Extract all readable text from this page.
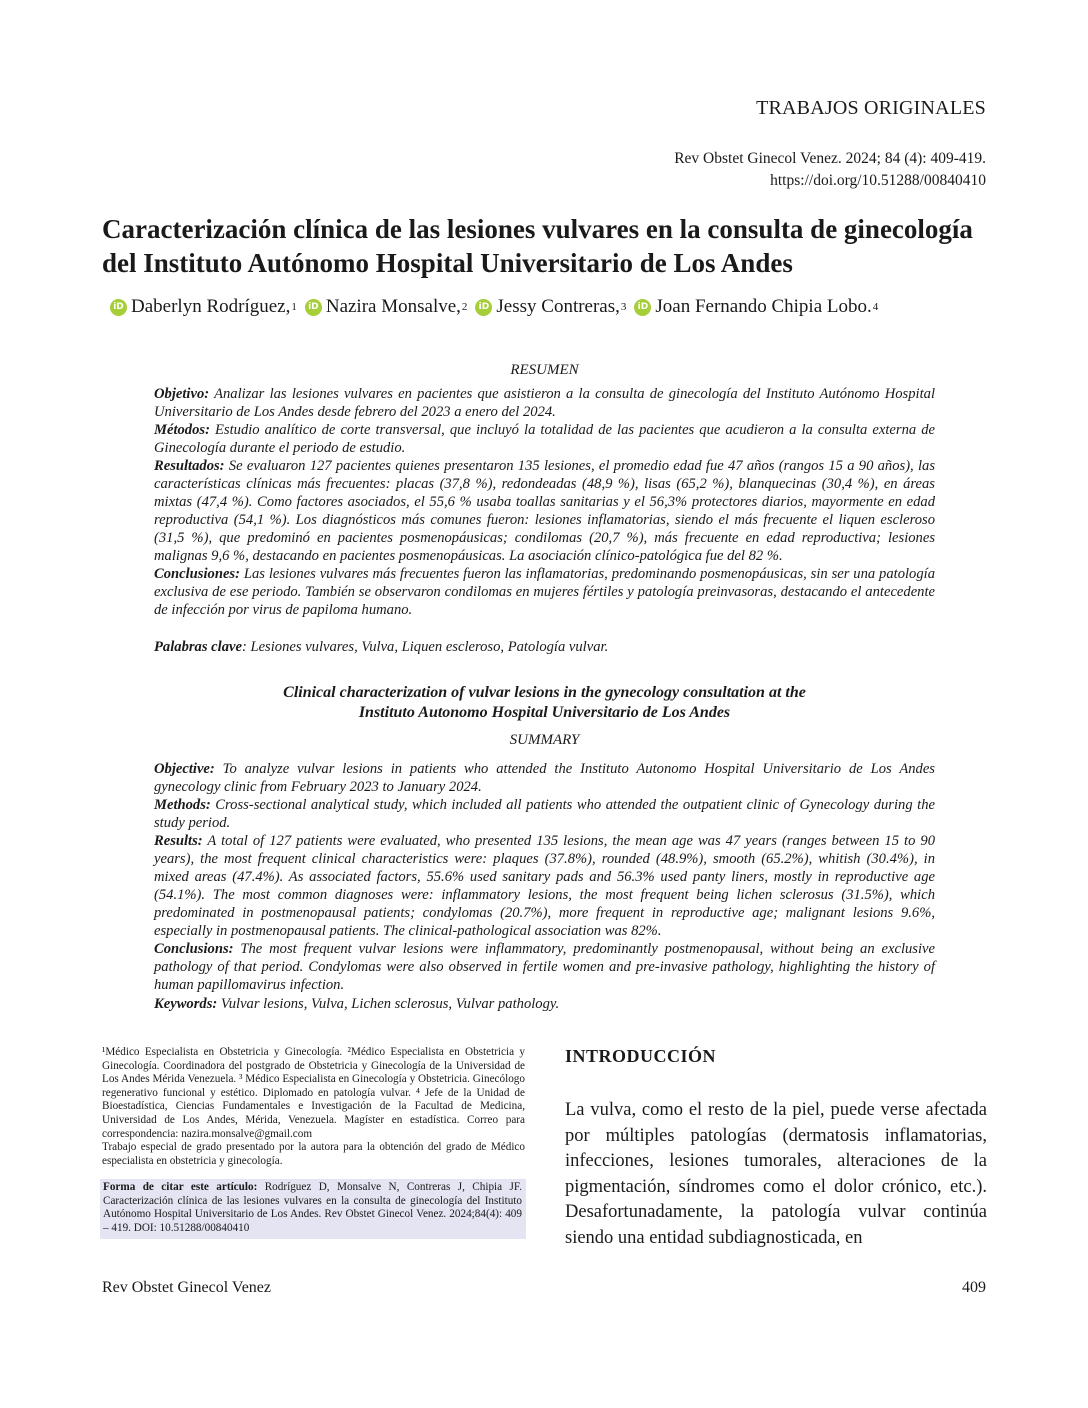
TRABAJOS ORIGINALES
Rev Obstet Ginecol Venez. 2024; 84 (4): 409-419.
https://doi.org/10.51288/00840410
Caracterización clínica de las lesiones vulvares en la consulta de ginecología del Instituto Autónomo Hospital Universitario de Los Andes
iD Daberlyn Rodríguez, 1	iD Nazira Monsalve, 2	iD Jessy Contreras, 3	iD Joan Fernando Chipia Lobo. 4
RESUMEN

Objetivo: Analizar las lesiones vulvares en pacientes que asistieron a la consulta de ginecología del Instituto Autónomo Hospital Universitario de Los Andes desde febrero del 2023 a enero del 2024.

Métodos: Estudio analítico de corte transversal, que incluyó la totalidad de las pacientes que acudieron a la consulta externa de Ginecología durante el periodo de estudio.

Resultados: Se evaluaron 127 pacientes quienes presentaron 135 lesiones, el promedio edad fue 47 años (rangos 15 a 90 años), las características clínicas más frecuentes: placas (37,8 %), redondeadas (48,9 %), lisas (65,2 %), blanquecinas (30,4 %), en áreas mixtas (47,4 %). Como factores asociados, el 55,6 % usaba toallas sanitarias y el 56,3% protectores diarios, mayormente en edad reproductiva (54,1 %). Los diagnósticos más comunes fueron: lesiones inflamatorias, siendo el más frecuente el liquen escleroso (31,5 %), que predominó en pacientes posmenopáusicas; condilomas (20,7 %), más frecuente en edad reproductiva; lesiones malignas 9,6 %, destacando en pacientes posmenopáusicas. La asociación clínico-patológica fue del 82 %.

Conclusiones: Las lesiones vulvares más frecuentes fueron las inflamatorias, predominando posmenopáusicas, sin ser una patología exclusiva de ese periodo. También se observaron condilomas en mujeres fértiles y patología preinvasoras, destacando el antecedente de infección por virus de papiloma humano.

Palabras clave: Lesiones vulvares, Vulva, Liquen escleroso, Patología vulvar.
Clinical characterization of vulvar lesions in the gynecology consultation at the
Instituto Autonomo Hospital Universitario de Los Andes
SUMMARY

Objective: To analyze vulvar lesions in patients who attended the Instituto Autonomo Hospital Universitario de Los Andes gynecology clinic from February 2023 to January 2024.

Methods: Cross-sectional analytical study, which included all patients who attended the outpatient clinic of Gynecology during the study period.

Results: A total of 127 patients were evaluated, who presented 135 lesions, the mean age was 47 years (ranges between 15 to 90 years), the most frequent clinical characteristics were: plaques (37.8%), rounded (48.9%), smooth (65.2%), whitish (30.4%), in mixed areas (47.4%). As associated factors, 55.6% used sanitary pads and 56.3% used panty liners, mostly in reproductive age (54.1%). The most common diagnoses were: inflammatory lesions, the most frequent being lichen sclerosus (31.5%), which predominated in postmenopausal patients; condylomas (20.7%), more frequent in reproductive age; malignant lesions 9.6%, especially in postmenopausal patients. The clinical-pathological association was 82%.

Conclusions: The most frequent vulvar lesions were inflammatory, predominantly postmenopausal, without being an exclusive pathology of that period. Condylomas were also observed in fertile women and pre-invasive pathology, highlighting the history of human papillomavirus infection.

Keywords: Vulvar lesions, Vulva, Lichen sclerosus, Vulvar pathology.

¹Médico Especialista en Obstetricia y Ginecología. ²Médico Especialista en Obstetricia y Ginecología. Coordinadora del postgrado de Obstetricia y Ginecología de la Universidad de Los Andes Mérida Venezuela. ³ Médico Especialista en Ginecología y Obstetricia. Ginecólogo regenerativo funcional y estético. Diplomado en patología vulvar. ⁴ Jefe de la Unidad de Bioestadística, Ciencias Fundamentales e Investigación de la Facultad de Medicina, Universidad de Los Andes, Mérida, Venezuela. Magíster en estadística. Correo para correspondencia: nazira.monsalve@gmail.com

Trabajo especial de grado presentado por la autora para la obtención del grado de Médico especialista en obstetricia y ginecología.

Forma de citar este artículo: Rodríguez D, Monsalve N, Contreras J, Chipia JF. Caracterización clínica de las lesiones vulvares en la consulta de ginecología del Instituto Autónomo Hospital Universitario de Los Andes. Rev Obstet Ginecol Venez. 2024;84(4): 409 – 419. DOI: 10.51288/00840410
INTRODUCCIÓN
La vulva, como el resto de la piel, puede verse afectada por múltiples patologías (dermatosis inflamatorias, infecciones, lesiones tumorales, alteraciones de la pigmentación, síndromes como el dolor crónico, etc.). Desafortunadamente, la patología vulvar continúa siendo una entidad subdiagnosticada, en
Rev Obstet Ginecol Venez	409
